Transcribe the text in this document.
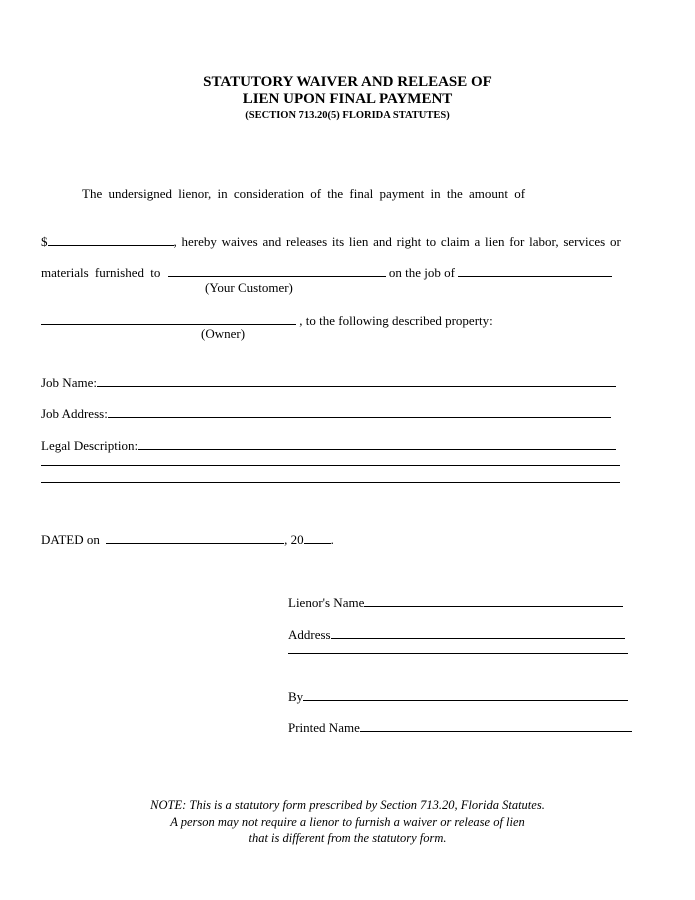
STATUTORY WAIVER AND RELEASE OF
LIEN UPON FINAL PAYMENT
(SECTION 713.20(5) FLORIDA STATUTES)
The undersigned lienor, in consideration of the final payment in the amount of
$	, hereby waives and releases its lien and right to claim a lien for labor, services or
materials furnished to	on the job of
(Your Customer)
, to the following described property:
(Owner)
Job Name:
Job Address:
Legal Description:
DATED on	, 20 .
Lienor's Name
Address
By
Printed Name
NOTE: This is a statutory form prescribed by Section 713.20, Florida Statutes.
A person may not require a lienor to furnish a waiver or release of lien
that is different from the statutory form.
